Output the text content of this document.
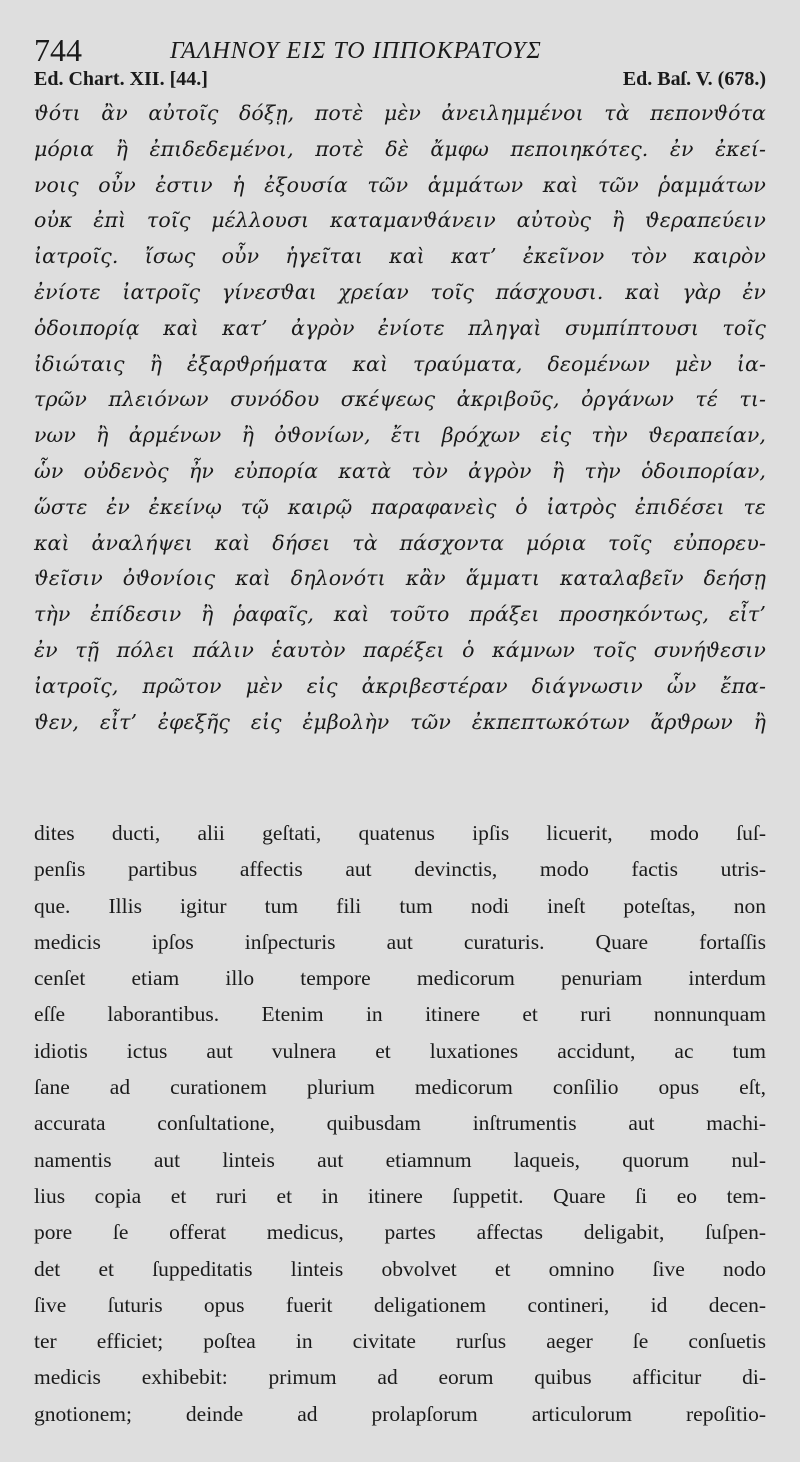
744	ΓΑΛΗΝΟΥ ΕΙΣ ΤΟ ΙΠΠΟΚΡΑΤΟΥΣ
Ed. Chart. XII. [44.]	Ed. Baſ. V. (678.)
ϑότι ἂν αὐτοῖς δόξῃ, ποτὲ μὲν ἀνειλημμένοι τὰ πεπονϑότα
μόρια ἢ ἐπιδεδεμένοι, ποτὲ δὲ ἄμφω πεποιηκότες. ἐν ἐκεί-
νοις οὖν ἐστιν ἡ ἐξουσία τῶν ἁμμάτων καὶ τῶν ῥαμμάτων
οὐκ ἐπὶ τοῖς μέλλουσι καταμανϑάνειν αὐτοὺς ἢ ϑεραπεύειν
ἰατροῖς. ἴσως οὖν ἡγεῖται καὶ κατ’ ἐκεῖνον τὸν καιρὸν
ἐνίοτε ἰατροῖς γίνεσϑαι χρείαν τοῖς πάσχουσι. καὶ γὰρ ἐν
ὁδοιπορίᾳ καὶ κατ’ ἀγρὸν ἐνίοτε πληγαὶ συμπίπτουσι τοῖς
ἰδιώταις ἢ ἐξαρϑρήματα καὶ τραύματα, δεομένων μὲν ἰα-
τρῶν πλειόνων συνόδου σκέψεως ἀκριβοῦς, ὀργάνων τέ τι-
νων ἢ ἀρμένων ἢ ὀϑονίων, ἔτι βρόχων εἰς τὴν ϑεραπείαν,
ὧν οὐδενὸς ἦν εὐπορία κατὰ τὸν ἀγρὸν ἢ τὴν ὁδοιπορίαν,
ὥστε ἐν ἐκείνῳ τῷ καιρῷ παραφανεὶς ὁ ἰατρὸς ἐπιδέσει τε
καὶ ἀναλήψει καὶ δήσει τὰ πάσχοντα μόρια τοῖς εὐπορευ-
ϑεῖσιν ὀϑονίοις καὶ δηλονότι κἂν ἅμματι καταλαβεῖν δεήσῃ
τὴν ἐπίδεσιν ἢ ῥαφαῖς, καὶ τοῦτο πράξει προσηκόντως, εἶτ’
ἐν τῇ πόλει πάλιν ἑαυτὸν παρέξει ὁ κάμνων τοῖς συνήϑεσιν
ἰατροῖς, πρῶτον μὲν εἰς ἀκριβεστέραν διάγνωσιν ὧν ἔπα-
ϑεν, εἶτ’ ἐφεξῆς εἰς ἐμβολὴν τῶν ἐκπεπτωκότων ἄρϑρων ἢ
dites ducti, alii geſtati, quatenus ipſis licuerit, modo ſuſ-
penſis partibus affectis aut devinctis, modo factis utris-
que. Illis igitur tum fili tum nodi ineſt poteſtas, non
medicis ipſos inſpecturis aut curaturis. Quare fortaſſis
cenſet etiam illo tempore medicorum penuriam interdum
eſſe laborantibus. Etenim in itinere et ruri nonnunquam
idiotis ictus aut vulnera et luxationes accidunt, ac tum
ſane ad curationem plurium medicorum conſilio opus eſt,
accurata conſultatione, quibusdam inſtrumentis aut machi-
namentis aut linteis aut etiamnum laqueis, quorum nul-
lius copia et ruri et in itinere ſuppetit. Quare ſi eo tem-
pore ſe offerat medicus, partes affectas deligabit, ſuſpen-
det et ſuppeditatis linteis obvolvet et omnino ſive nodo
ſive ſuturis opus fuerit deligationem contineri, id decen-
ter efficiet; poſtea in civitate rurſus aeger ſe conſuetis
medicis exhibebit: primum ad eorum quibus afficitur di-
gnotionem; deinde ad prolapſorum articulorum repoſitio-
